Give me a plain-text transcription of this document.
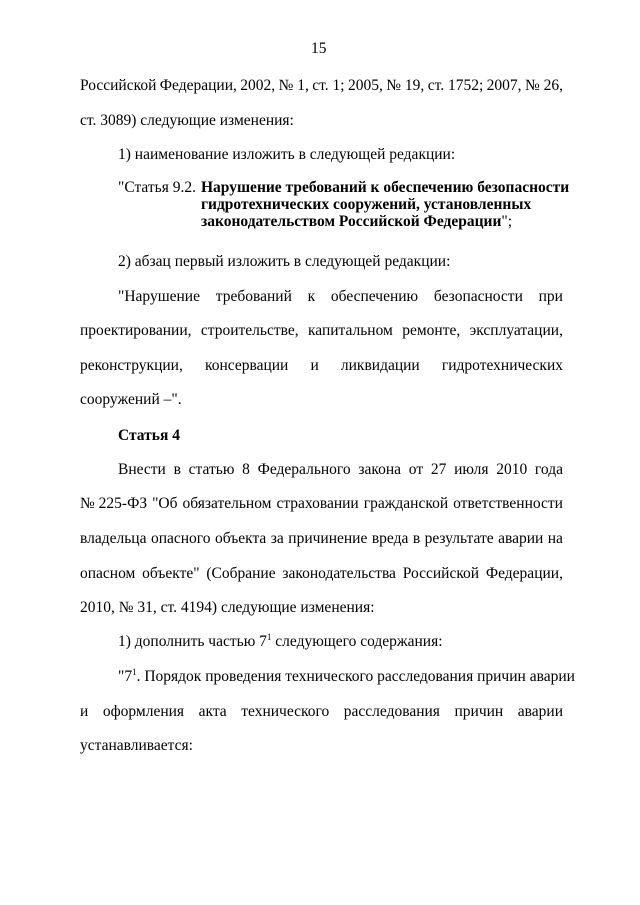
15
Российской Федерации, 2002, № 1, ст. 1; 2005, № 19, ст. 1752; 2007, № 26,
ст. 3089) следующие изменения:
1) наименование изложить в следующей редакции:
"Статья 9.2. Нарушение требований к обеспечению безопасности
гидротехнических сооружений, установленных
законодательством Российской Федерации";
2) абзац первый изложить в следующей редакции:
"Нарушение требований к обеспечению безопасности при
проектировании, строительстве, капитальном ремонте, эксплуатации,
реконструкции, консервации и ликвидации гидротехнических
сооружений –".
Статья 4
Внести в статью 8 Федерального закона от 27 июля 2010 года
№ 225-ФЗ "Об обязательном страховании гражданской ответственности
владельца опасного объекта за причинение вреда в результате аварии на
опасном объекте" (Собрание законодательства Российской Федерации,
2010, № 31, ст. 4194) следующие изменения:
1) дополнить частью $7^1$ следующего содержания:
"$7^1$. Порядок проведения технического расследования причин аварии
и оформления акта технического расследования причин аварии
устанавливается:
